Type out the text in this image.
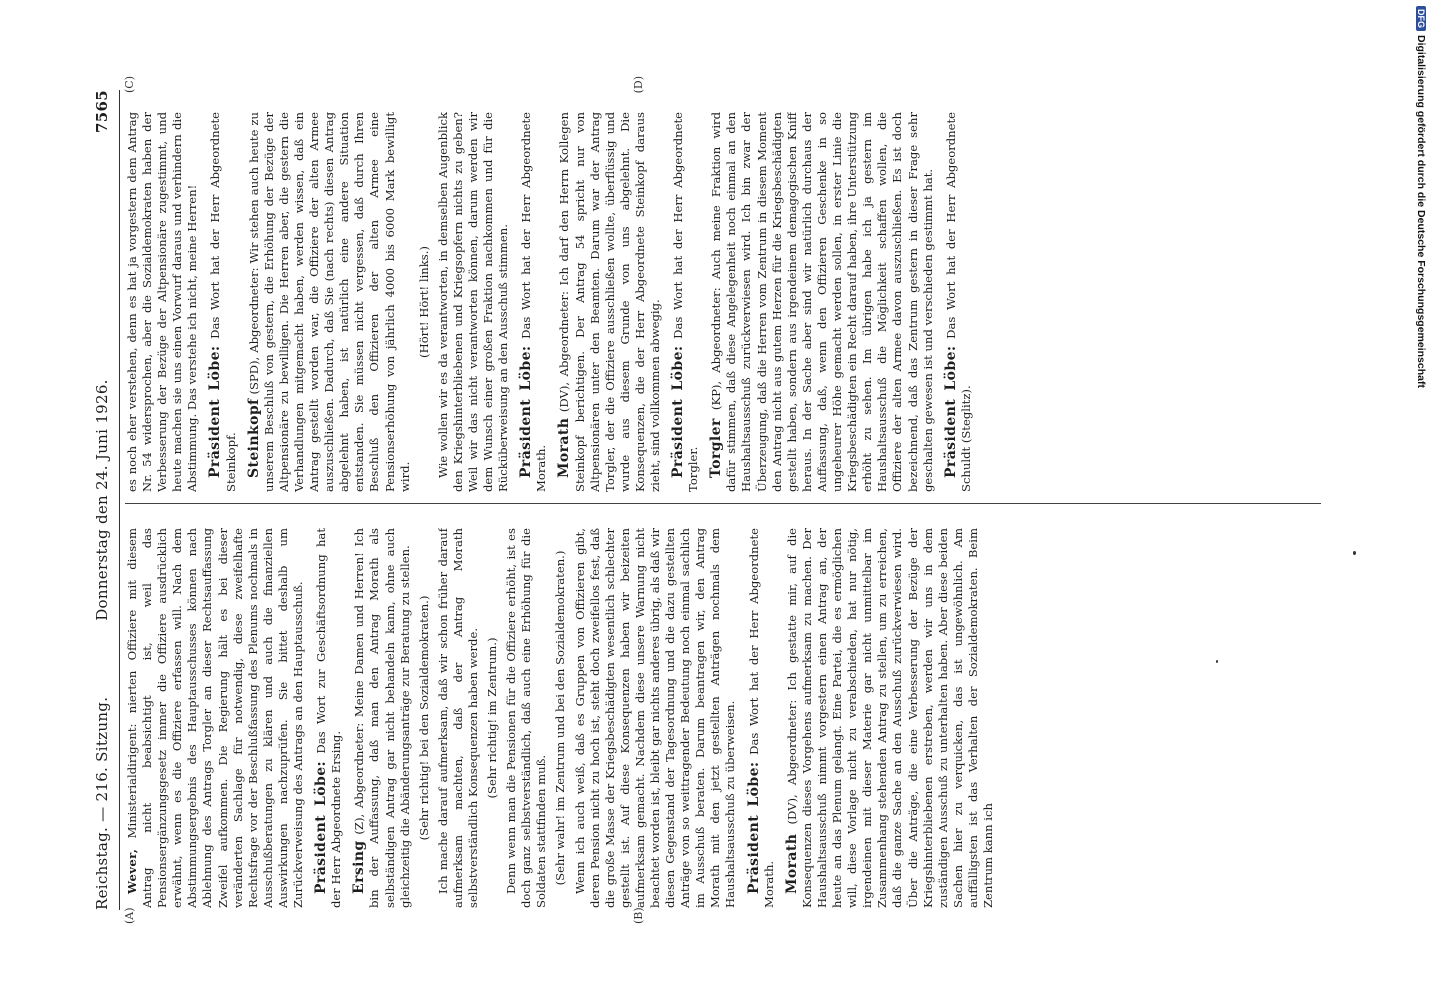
Reichstag. — 216. Sitzung.
Donnerstag den 24. Juni 1926.
7565
(A)	(B)
(C)	(D)

Wever, Ministerialdirigent: nierten Offiziere mit diesem Antrag nicht beabsichtigt ist, weil das Pensionsergänzungsgesetz immer die Offiziere ausdrücklich erwähnt, wenn es die Offiziere erfassen will. Nach dem Abstimmungsergebnis des Hauptausschusses können nach Ablehnung des Antrags Torgler an dieser Rechtsauffassung Zweifel aufkommen. Die Regierung hält es bei dieser veränderten Sachlage für notwendig, diese zweifelhafte Rechtsfrage vor der Beschlußfassung des Plenums nochmals in Ausschußberatungen zu klären und auch die finanziellen Auswirkungen nachzuprüfen. Sie bittet deshalb um Zurückverweisung des Antrags an den Hauptausschuß. Präsident Löbe: Das Wort zur Geschäftsordnung hat der Herr Abgeordnete Ersing. Ersing (Z), Abgeordneter: Meine Damen und Herren! Ich bin der Auffassung, daß man den Antrag Morath als selbständigen Antrag gar nicht behandeln kann, ohne auch gleichzeitig die Abänderungsanträge zur Beratung zu stellen. (Sehr richtig! bei den Sozialdemokraten.) Ich mache darauf aufmerksam, daß wir schon früher darauf aufmerksam machten, daß der Antrag Morath selbstverständlich Konsequenzen haben werde. (Sehr richtig! im Zentrum.) Denn wenn man die Pensionen für die Offiziere erhöht, ist es doch ganz selbstverständlich, daß auch eine Erhöhung für die Soldaten stattfinden muß. (Sehr wahr! im Zentrum und bei den Sozialdemokraten.) Wenn ich auch weiß, daß es Gruppen von Offizieren gibt, deren Pension nicht zu hoch ist, steht doch zweifellos fest, daß die große Masse der Kriegsbeschädigten wesentlich schlechter gestellt ist. Auf diese Konsequenzen haben wir beizeiten aufmerksam gemacht. Nachdem diese unsere Warnung nicht beachtet worden ist, bleibt gar nichts anderes übrig, als daß wir diesen Gegenstand der Tagesordnung und die dazu gestellten Anträge von so weittragender Bedeutung noch einmal sachlich im Ausschuß beraten. Darum beantragen wir, den Antrag Morath mit den jetzt gestellten Anträgen nochmals dem Haushaltsausschuß zu überweisen. Präsident Löbe: Das Wort hat der Herr Abgeordnete Morath. Morath (DV), Abgeordneter: Ich gestatte mir, auf die Konsequenzen dieses Vorgehens aufmerksam zu machen. Der Haushaltsausschuß nimmt vorgestern einen Antrag an, der heute an das Plenum gelangt. Eine Partei, die es ermöglichen will, diese Vorlage nicht zu verabschieden, hat nur nötig, irgendeinen mit dieser Materie gar nicht unmittelbar im Zusammenhang stehenden Antrag zu stellen, um zu erreichen, daß die ganze Sache an den Ausschuß zurückverwiesen wird. Über die Anträge, die eine Verbesserung der Bezüge der Kriegshinterbliebenen erstreben, werden wir uns in dem zuständigen Ausschuß zu unterhalten haben. Aber diese beiden Sachen hier zu verquicken, das ist ungewöhnlich. Am auffälligsten ist das Verhalten der Sozialdemokraten. Beim Zentrum kann ich

es noch eher verstehen, denn es hat ja vorgestern dem Antrag Nr. 54 widersprochen, aber die Sozialdemokraten haben der Verbesserung der Bezüge der Altpensionäre zugestimmt, und heute machen sie uns einen Vorwurf daraus und verhindern die Abstimmung. Das verstehe ich nicht, meine Herren! Präsident Löbe: Das Wort hat der Herr Abgeordnete Steinkopf. Steinkopf (SPD), Abgeordneter: Wir stehen auch heute zu unserem Beschluß von gestern, die Erhöhung der Bezüge der Altpensionäre zu bewilligen. Die Herren aber, die gestern die Verhandlungen mitgemacht haben, werden wissen, daß ein Antrag gestellt worden war, die Offiziere der alten Armee auszuschließen. Dadurch, daß Sie (nach rechts) diesen Antrag abgelehnt haben, ist natürlich eine andere Situation entstanden. Sie müssen nicht vergessen, daß durch Ihren Beschluß den Offizieren der alten Armee eine Pensionserhöhung von jährlich 4000 bis 6000 Mark bewilligt wird.

(Hört! Hört! links.) Wie wollen wir es da verantworten, in demselben Augenblick den Kriegshinterbliebenen und Kriegsopfern nichts zu geben? Weil wir das nicht verantworten können, darum werden wir dem Wunsch einer großen Fraktion nachkommen und für die Rücküberweisung an den Ausschuß stimmen. Präsident Löbe: Das Wort hat der Herr Abgeordnete Morath. Morath (DV), Abgeordneter: Ich darf den Herrn Kollegen Steinkopf berichtigen. Der Antrag 54 spricht nur von Altpensionären unter den Beamten. Darum war der Antrag Torgler, der die Offiziere ausschließen wollte, überflüssig und wurde aus diesem Grunde von uns abgelehnt. Die Konsequenzen, die der Herr Abgeordnete Steinkopf daraus zieht, sind vollkommen abwegig. Präsident Löbe: Das Wort hat der Herr Abgeordnete Torgler. Torgler (KP), Abgeordneter: Auch meine Fraktion wird dafür stimmen, daß diese Angelegenheit noch einmal an den Haushaltsausschuß zurückverwiesen wird. Ich bin zwar der Überzeugung, daß die Herren vom Zentrum in diesem Moment den Antrag nicht aus gutem Herzen für die Kriegsbeschädigten gestellt haben, sondern aus irgendeinem demagogischen Kniff heraus. In der Sache aber sind wir natürlich durchaus der Auffassung, daß, wenn den Offizieren Geschenke in so ungeheurer Höhe gemacht werden sollen, in erster Linie die Kriegsbeschädigten ein Recht darauf haben, ihre Unterstützung erhöht zu sehen. Im übrigen habe ich ja gestern im Haushaltsausschuß die Möglichkeit schaffen wollen, die Offiziere der alten Armee davon auszuschließen. Es ist doch bezeichnend, daß das Zentrum gestern in dieser Frage sehr geschalten gewesen ist und verschieden gestimmt hat. Präsident Löbe: Das Wort hat der Herr Abgeordnete Schuldt (Steglitz).

DFGDigitalisierung gefördert durch die Deutsche Forschungsgemeinschaft
